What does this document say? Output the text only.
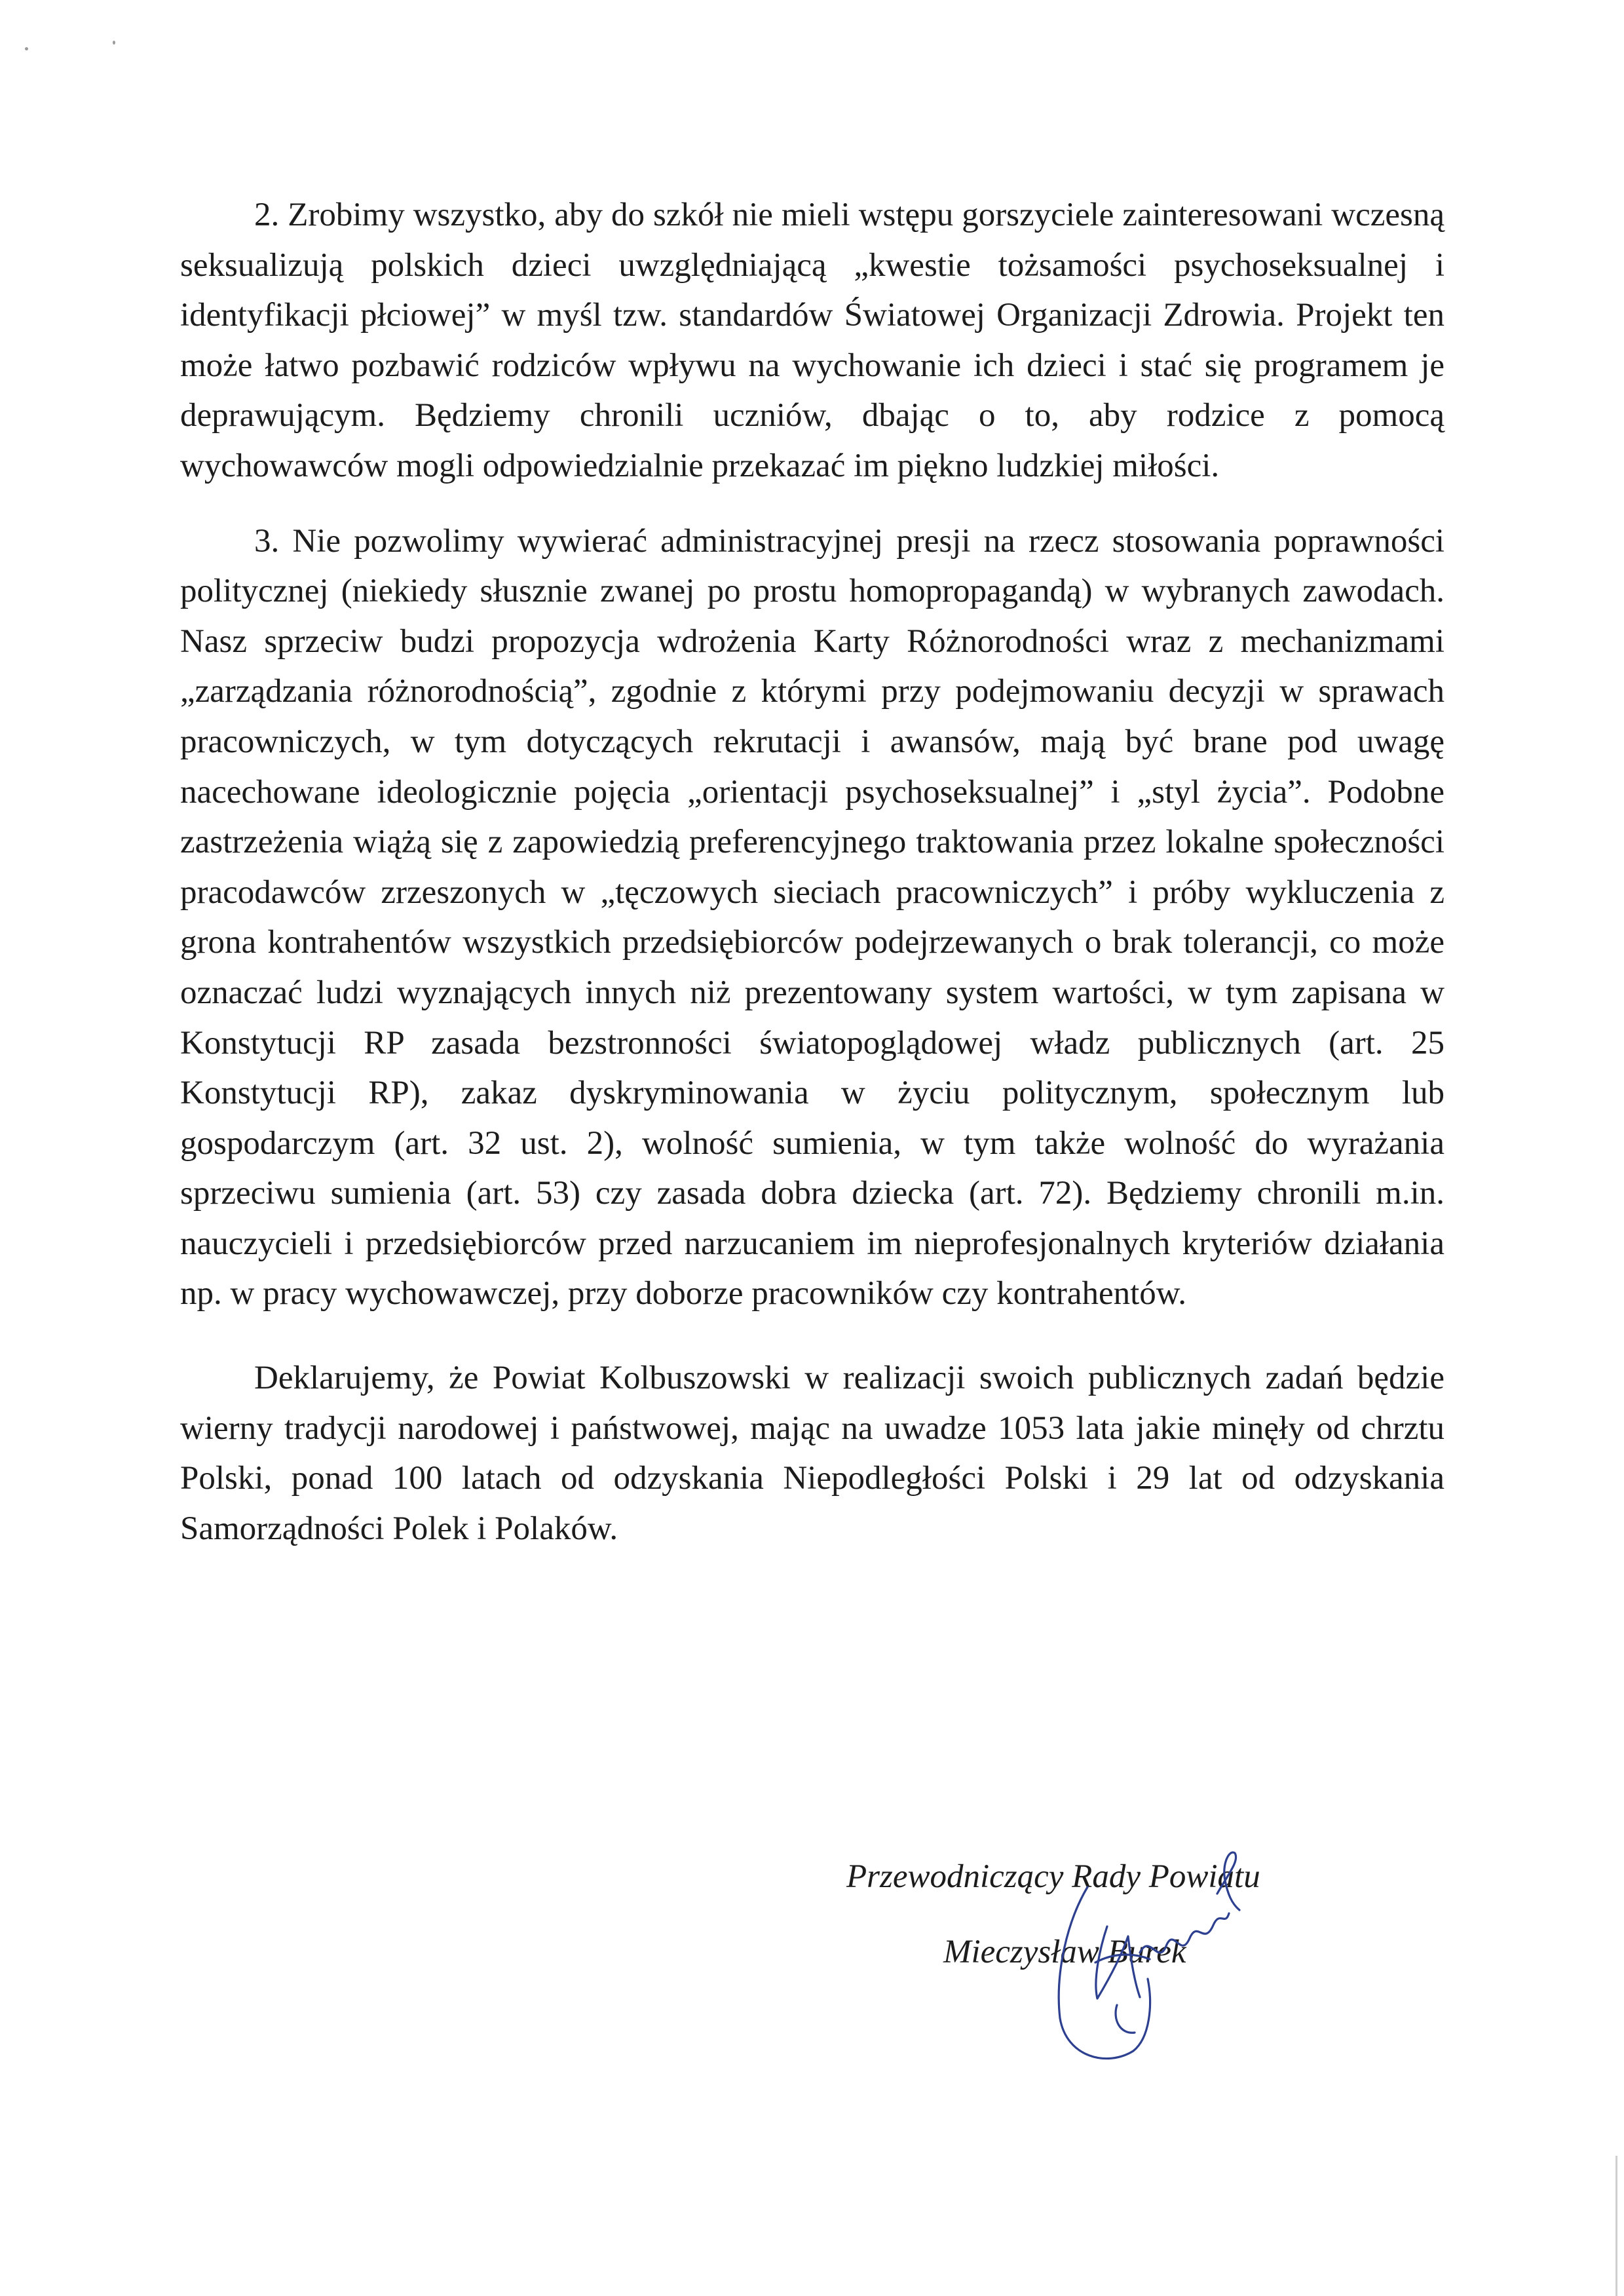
2. Zrobimy wszystko, aby do szkół nie mieli wstępu gorszyciele zainteresowani wczesną seksualizują polskich dzieci uwzględniającą „kwestie tożsamości psychoseksualnej i identyfikacji płciowej” w myśl tzw. standardów Światowej Organizacji Zdrowia. Projekt ten może łatwo pozbawić rodziców wpływu na wychowanie ich dzieci i stać się programem je deprawującym. Będziemy chronili uczniów, dbając o to, aby rodzice z pomocą wychowawców mogli odpowiedzialnie przekazać im piękno ludzkiej miłości.

3. Nie pozwolimy wywierać administracyjnej presji na rzecz stosowania poprawności politycznej (niekiedy słusznie zwanej po prostu homopropagandą) w wybranych zawodach. Nasz sprzeciw budzi propozycja wdrożenia Karty Różnorodności wraz z mechanizmami „zarządzania różnorodnością”, zgodnie z którymi przy podejmowaniu decyzji w sprawach pracowniczych, w tym dotyczących rekrutacji i awansów, mają być brane pod uwagę nacechowane ideologicznie pojęcia „orientacji psychoseksualnej” i „styl życia”. Podobne zastrzeżenia wiążą się z zapowiedzią preferencyjnego traktowania przez lokalne społeczności pracodawców zrzeszonych w „tęczowych sieciach pracowniczych” i próby wykluczenia z grona kontrahentów wszystkich przedsiębiorców podejrzewanych o brak tolerancji, co może oznaczać ludzi wyznających innych niż prezentowany system wartości, w tym zapisana w Konstytucji RP zasada bezstronności światopoglądowej władz publicznych (art. 25 Konstytucji RP), zakaz dyskryminowania w życiu politycznym, społecznym lub gospodarczym (art. 32 ust. 2), wolność sumienia, w tym także wolność do wyrażania sprzeciwu sumienia (art. 53) czy zasada dobra dziecka (art. 72). Będziemy chronili m.in. nauczycieli i przedsiębiorców przed narzucaniem im nieprofesjonalnych kryteriów działania np. w pracy wychowawczej, przy doborze pracowników czy kontrahentów.

Deklarujemy, że Powiat Kolbuszowski w realizacji swoich publicznych zadań będzie wierny tradycji narodowej i państwowej, mając na uwadze 1053 lata jakie minęły od chrztu Polski, ponad 100 latach od odzyskania Niepodległości Polski i 29 lat od odzyskania Samorządności Polek i Polaków.

Przewodniczący Rady Powiatu
Mieczysław Burek
